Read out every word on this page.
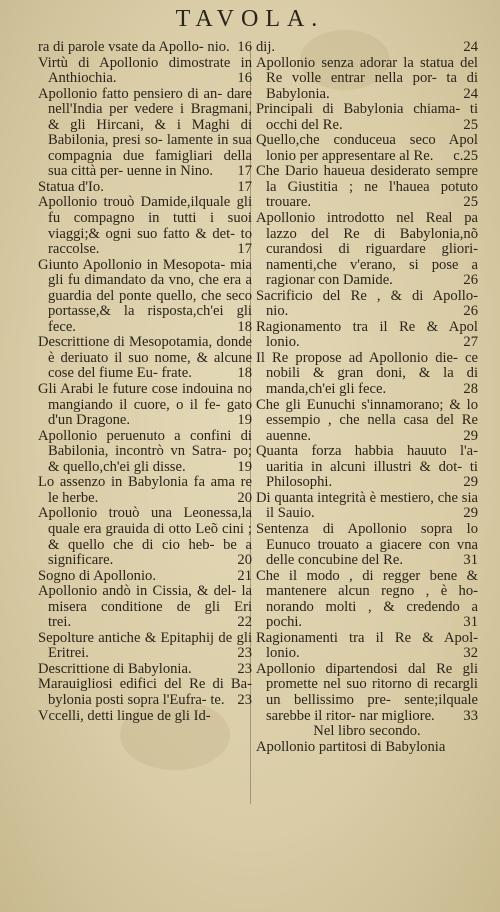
TAVOLA.

ra di parole vsate da Apollo- nio. 16

Virtù di Apollonio dimostrate in Anthiochia.	16

Apollonio fatto pensiero di an- dare nell'India per vedere i Bragmani, & gli Hircani, & i Maghi di Babilonia, presi so- lamente in sua compagnia due famigliari della sua città per- uenne in Nino. 17

Statua d'Io.	17

Apollonio trouò Damide,ilquale gli fu compagno in tutti i suoi viaggi;& ogni suo fatto & det- to raccolse.	17

Giunto Apollonio in Mesopota- mia gli fu dimandato da vno, che era a guardia del ponte quello, che seco portasse,& la risposta,ch'ei gli fece.	18

Descrittione di Mesopotamia, donde è deriuato il suo nome, & alcune cose del fiume Eu- frate.	18

Gli Arabi le future cose indouina no mangiando il cuore, o il fe- gato d'un Dragone.	19

Apollonio peruenuto a confini di Babilonia, incontrò vn Satra- po; & quello,ch'ei gli disse.	19

Lo assenzo in Babylonia fa ama re le herbe.	20

Apollonio trouò una Leonessa,la quale era grauida di otto Leõ cini ; & quello che di cio heb- be a significare.	20

Sogno di Apollonio.	21

Apollonio andò in Cissia, & del- la misera conditione de gli Eri trei.	22

Sepolture antiche & Epitaphij de gli Eritrei.	23

Descrittione di Babylonia.	23

Marauigliosi edifici del Re di Ba- bylonia posti sopra l'Eufra- te. 23

Vccelli, detti lingue de gli Id-

dij.	24

Apollonio senza adorar la statua del Re volle entrar nella por- ta di Babylonia.	24

Principali di Babylonia chiama- ti occhi del Re.	25

Quello,che conduceua seco Apol lonio per appresentare al Re. c.25

Che Dario haueua desiderato sempre la Giustitia ; ne l'hauea potuto trouare.	25

Apollonio introdotto nel Real pa lazzo del Re di Babylonia,nõ curandosi di riguardare gliori- namenti,che v'erano, si pose a ragionar con Damide.	26

Sacrificio del Re , & di Apollo- nio.	26

Ragionamento tra il Re & Apol lonio.	27

Il Re propose ad Apollonio die- ce nobili & gran doni, & la di manda,ch'ei gli fece.	28

Che gli Eunuchi s'innamorano; & lo essempio , che nella casa del Re auenne.	29

Quanta forza habbia hauuto l'a- uaritia in alcuni illustri & dot- ti Philosophi.	29

Di quanta integrità è mestiero, che sia il Sauio.	29

Sentenza di Apollonio sopra lo Eunuco trouato a giacere con vna delle concubine del Re.	31

Che il modo , di regger bene & mantenere alcun regno , è ho- norando molti , & credendo a pochi.	31

Ragionamenti tra il Re & Apol- lonio.	32

Apollonio dipartendosi dal Re gli promette nel suo ritorno di recargli un bellissimo pre- sente;ilquale sarebbe il ritor- nar migliore. 33

Nel libro secondo.

Apollonio partitosi di Babylonia
